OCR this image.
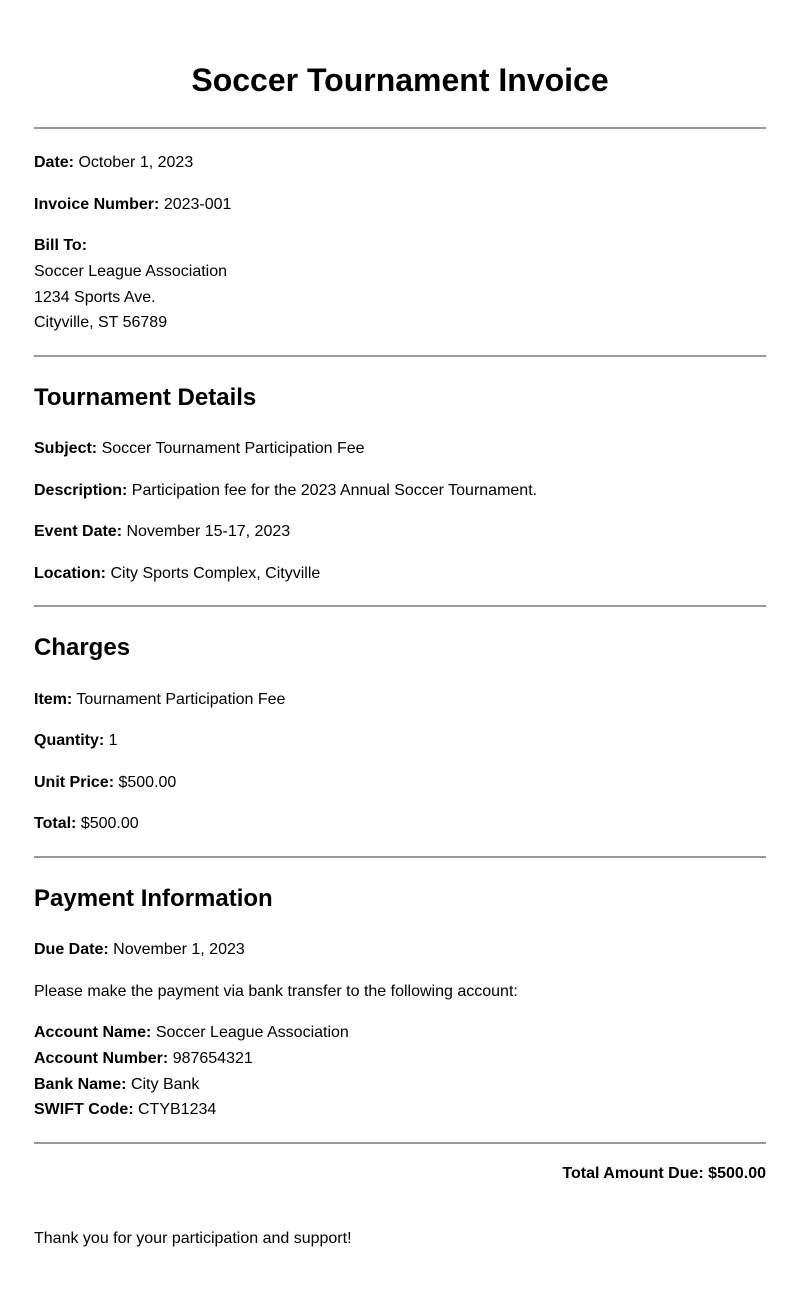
Soccer Tournament Invoice
Date: October 1, 2023
Invoice Number: 2023-001
Bill To:
Soccer League Association
1234 Sports Ave.
Cityville, ST 56789
Tournament Details
Subject: Soccer Tournament Participation Fee
Description: Participation fee for the 2023 Annual Soccer Tournament.
Event Date: November 15-17, 2023
Location: City Sports Complex, Cityville
Charges
Item: Tournament Participation Fee
Quantity: 1
Unit Price: $500.00
Total: $500.00
Payment Information
Due Date: November 1, 2023
Please make the payment via bank transfer to the following account:
Account Name: Soccer League Association
Account Number: 987654321
Bank Name: City Bank
SWIFT Code: CTYB1234
Total Amount Due: $500.00
Thank you for your participation and support!
